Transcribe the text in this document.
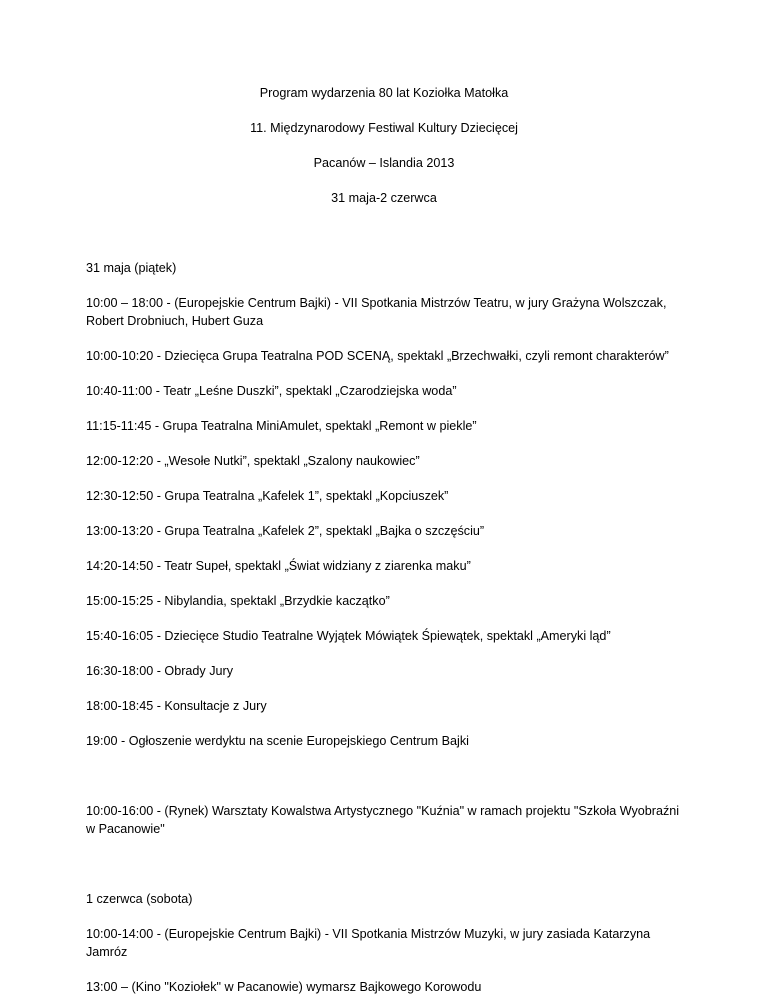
Program wydarzenia 80 lat Koziołka Matołka
11. Międzynarodowy Festiwal Kultury Dziecięcej
Pacanów – Islandia 2013
31 maja-2 czerwca
31 maja (piątek)
10:00 – 18:00 - (Europejskie Centrum Bajki) - VII Spotkania Mistrzów Teatru, w jury Grażyna Wolszczak, Robert Drobniuch, Hubert Guza
10:00-10:20 - Dziecięca Grupa Teatralna POD SCENĄ, spektakl „Brzechwałki, czyli remont charakterów”
10:40-11:00 - Teatr „Leśne Duszki”, spektakl „Czarodziejska woda”
11:15-11:45 - Grupa Teatralna MiniAmulet, spektakl „Remont w piekle”
12:00-12:20 - „Wesołe Nutki”, spektakl „Szalony naukowiec”
12:30-12:50 - Grupa Teatralna „Kafelek 1”, spektakl „Kopciuszek”
13:00-13:20 - Grupa Teatralna „Kafelek 2”, spektakl „Bajka o szczęściu”
14:20-14:50 - Teatr Supeł, spektakl „Świat widziany z ziarenka maku”
15:00-15:25 - Nibylandia, spektakl „Brzydkie kaczątko”
15:40-16:05 - Dziecięce Studio Teatralne Wyjątek Mówiątek Śpiewątek, spektakl „Ameryki ląd”
16:30-18:00 - Obrady Jury
18:00-18:45 - Konsultacje z Jury
19:00 - Ogłoszenie werdyktu na scenie Europejskiego Centrum Bajki
10:00-16:00 - (Rynek) Warsztaty Kowalstwa Artystycznego "Kuźnia" w ramach projektu "Szkoła Wyobraźni w Pacanowie"
1 czerwca (sobota)
10:00-14:00 - (Europejskie Centrum Bajki) - VII Spotkania Mistrzów Muzyki, w jury zasiada Katarzyna Jamróz
13:00 – (Kino "Koziołek" w Pacanowie) wymarsz Bajkowego Korowodu
